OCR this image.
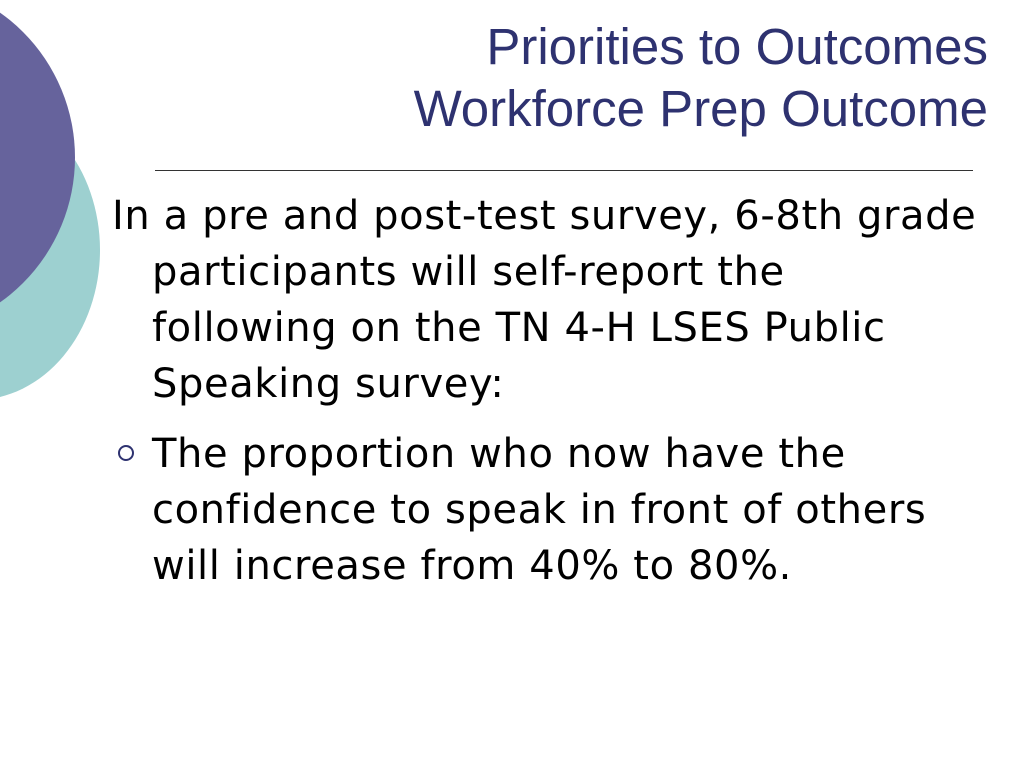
Priorities to Outcomes
Workforce Prep Outcome

In a pre and post-test survey, 6-8th grade participants will self-report the following on the TN 4-H LSES Public Speaking survey:

The proportion who now have the confidence to speak in front of others will increase from 40% to 80%.
